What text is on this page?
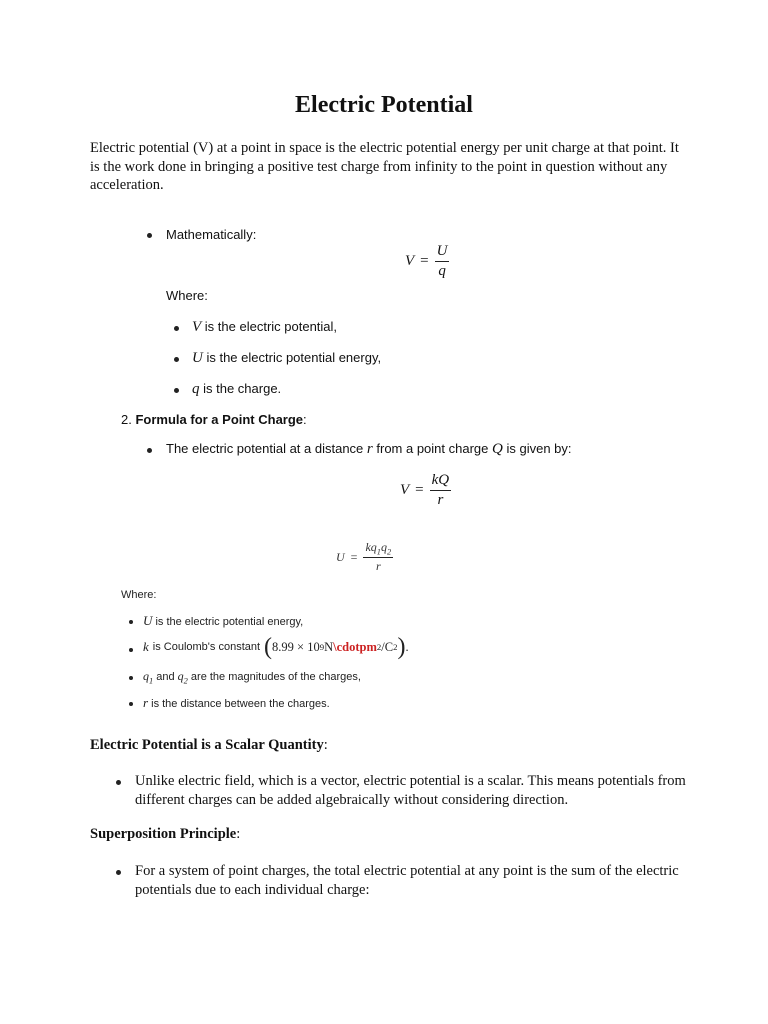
Electric Potential
Electric potential (V) at a point in space is the electric potential energy per unit charge at that point. It is the work done in bringing a positive test charge from infinity to the point in question without any acceleration.
Mathematically:
$V = \frac{U}{q}$
Where:
V is the electric potential,
U is the electric potential energy,
q is the charge.
2. Formula for a Point Charge:
The electric potential at a distance r from a point charge Q is given by:
$V = \frac{kQ}{r}$
$U = \frac{kq_1q_2}{r}$
Where:
U is the electric potential energy,
k is Coulomb's constant ( 8.99 × 10 9 N \cdotpm 2 /C 2 ) .
$q_1$ and $q_2$ are the magnitudes of the charges,
r is the distance between the charges.
Electric Potential is a Scalar Quantity:
Unlike electric field, which is a vector, electric potential is a scalar. This means potentials from different charges can be added algebraically without considering direction.
Superposition Principle:
For a system of point charges, the total electric potential at any point is the sum of the electric potentials due to each individual charge:
